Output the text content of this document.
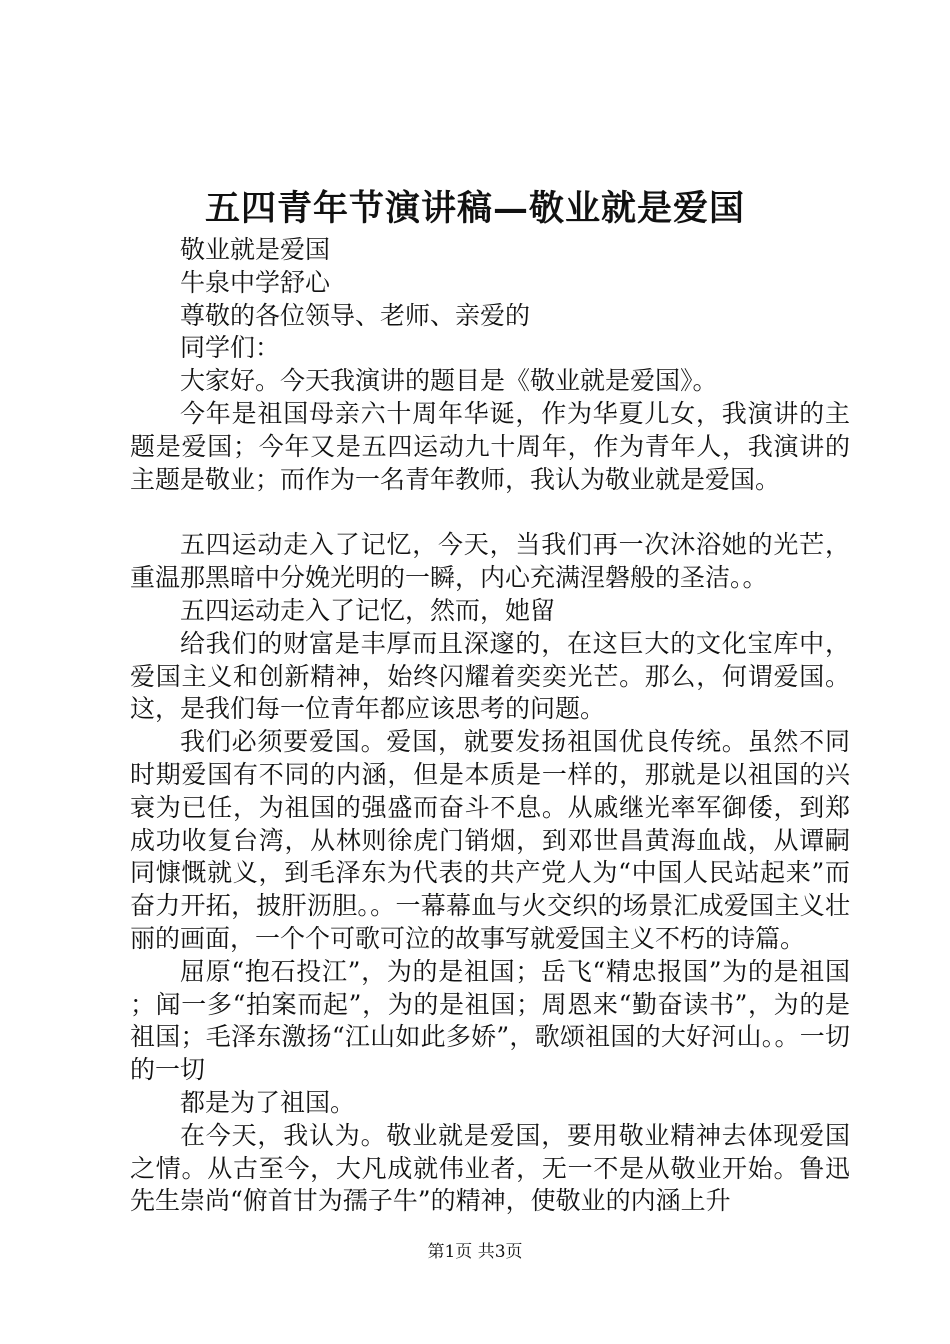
五四青年节演讲稿—敬业就是爱国

敬业就是爱国

牛泉中学舒心

尊敬的各位领导、老师、亲爱的

同学们：

大家好。今天我演讲的题目是《敬业就是爱国》。

今年是祖国母亲六十周年华诞，作为华夏儿女，我演讲的主题是爱国；今年又是五四运动九十周年，作为青年人，我演讲的主题是敬业；而作为一名青年教师，我认为敬业就是爱国。

五四运动走入了记忆，今天，当我们再一次沐浴她的光芒，重温那黑暗中分娩光明的一瞬，内心充满涅磐般的圣洁。。

五四运动走入了记忆，然而，她留

给我们的财富是丰厚而且深邃的，在这巨大的文化宝库中，爱国主义和创新精神，始终闪耀着奕奕光芒。那么，何谓爱国。这，是我们每一位青年都应该思考的问题。

我们必须要爱国。爱国，就要发扬祖国优良传统。虽然不同时期爱国有不同的内涵，但是本质是一样的，那就是以祖国的兴衰为已任，为祖国的强盛而奋斗不息。从戚继光率军御倭，到郑成功收复台湾，从林则徐虎门销烟，到邓世昌黄海血战，从谭嗣同慷慨就义，到毛泽东为代表的共产党人为“中国人民站起来”而奋力开拓，披肝沥胆。。一幕幕血与火交织的场景汇成爱国主义壮丽的画面，一个个可歌可泣的故事写就爱国主义不朽的诗篇。

屈原“抱石投江”，为的是祖国；岳飞“精忠报国”为的是祖国；闻一多“拍案而起”，为的是祖国；周恩来“勤奋读书”，为的是祖国；毛泽东激扬“江山如此多娇”，歌颂祖国的大好河山。。一切的一切

都是为了祖国。

在今天，我认为。敬业就是爱国，要用敬业精神去体现爱国之情。从古至今，大凡成就伟业者，无一不是从敬业开始。鲁迅先生崇尚“俯首甘为孺子牛”的精神，使敬业的内涵上升

第1页 共3页
